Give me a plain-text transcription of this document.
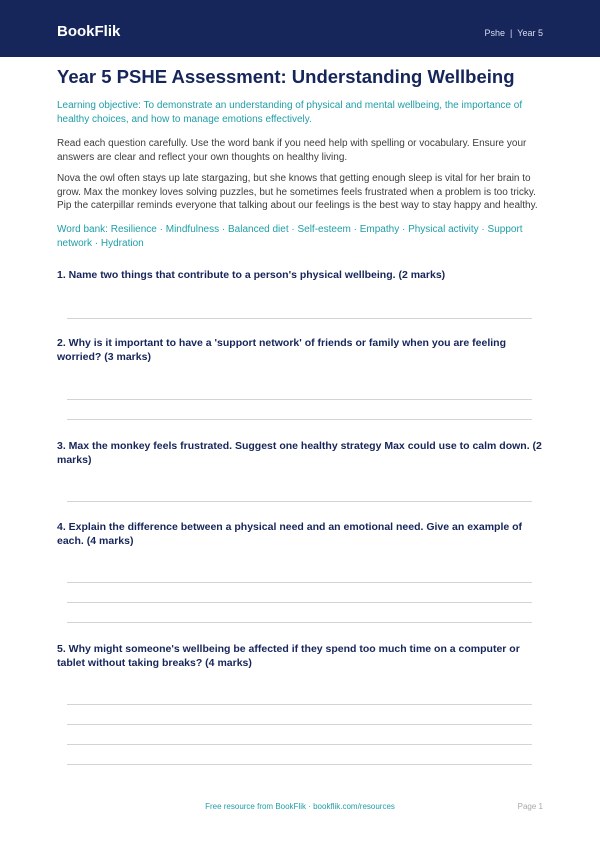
BookFlik	Pshe | Year 5
Year 5 PSHE Assessment: Understanding Wellbeing

Learning objective: To demonstrate an understanding of physical and mental wellbeing, the importance of healthy choices, and how to manage emotions effectively.

Read each question carefully. Use the word bank if you need help with spelling or vocabulary. Ensure your answers are clear and reflect your own thoughts on healthy living.

Nova the owl often stays up late stargazing, but she knows that getting enough sleep is vital for her brain to grow. Max the monkey loves solving puzzles, but he sometimes feels frustrated when a problem is too tricky. Pip the caterpillar reminds everyone that talking about our feelings is the best way to stay happy and healthy.

Word bank: Resilience · Mindfulness · Balanced diet · Self-esteem · Empathy · Physical activity · Support network · Hydration

1. Name two things that contribute to a person's physical wellbeing. (2 marks)

2. Why is it important to have a 'support network' of friends or family when you are feeling worried? (3 marks)

3. Max the monkey feels frustrated. Suggest one healthy strategy Max could use to calm down. (2 marks)

4. Explain the difference between a physical need and an emotional need. Give an example of each. (4 marks)

5. Why might someone's wellbeing be affected if they spend too much time on a computer or tablet without taking breaks? (4 marks)

Free resource from BookFlik · bookflik.com/resources	Page 1
